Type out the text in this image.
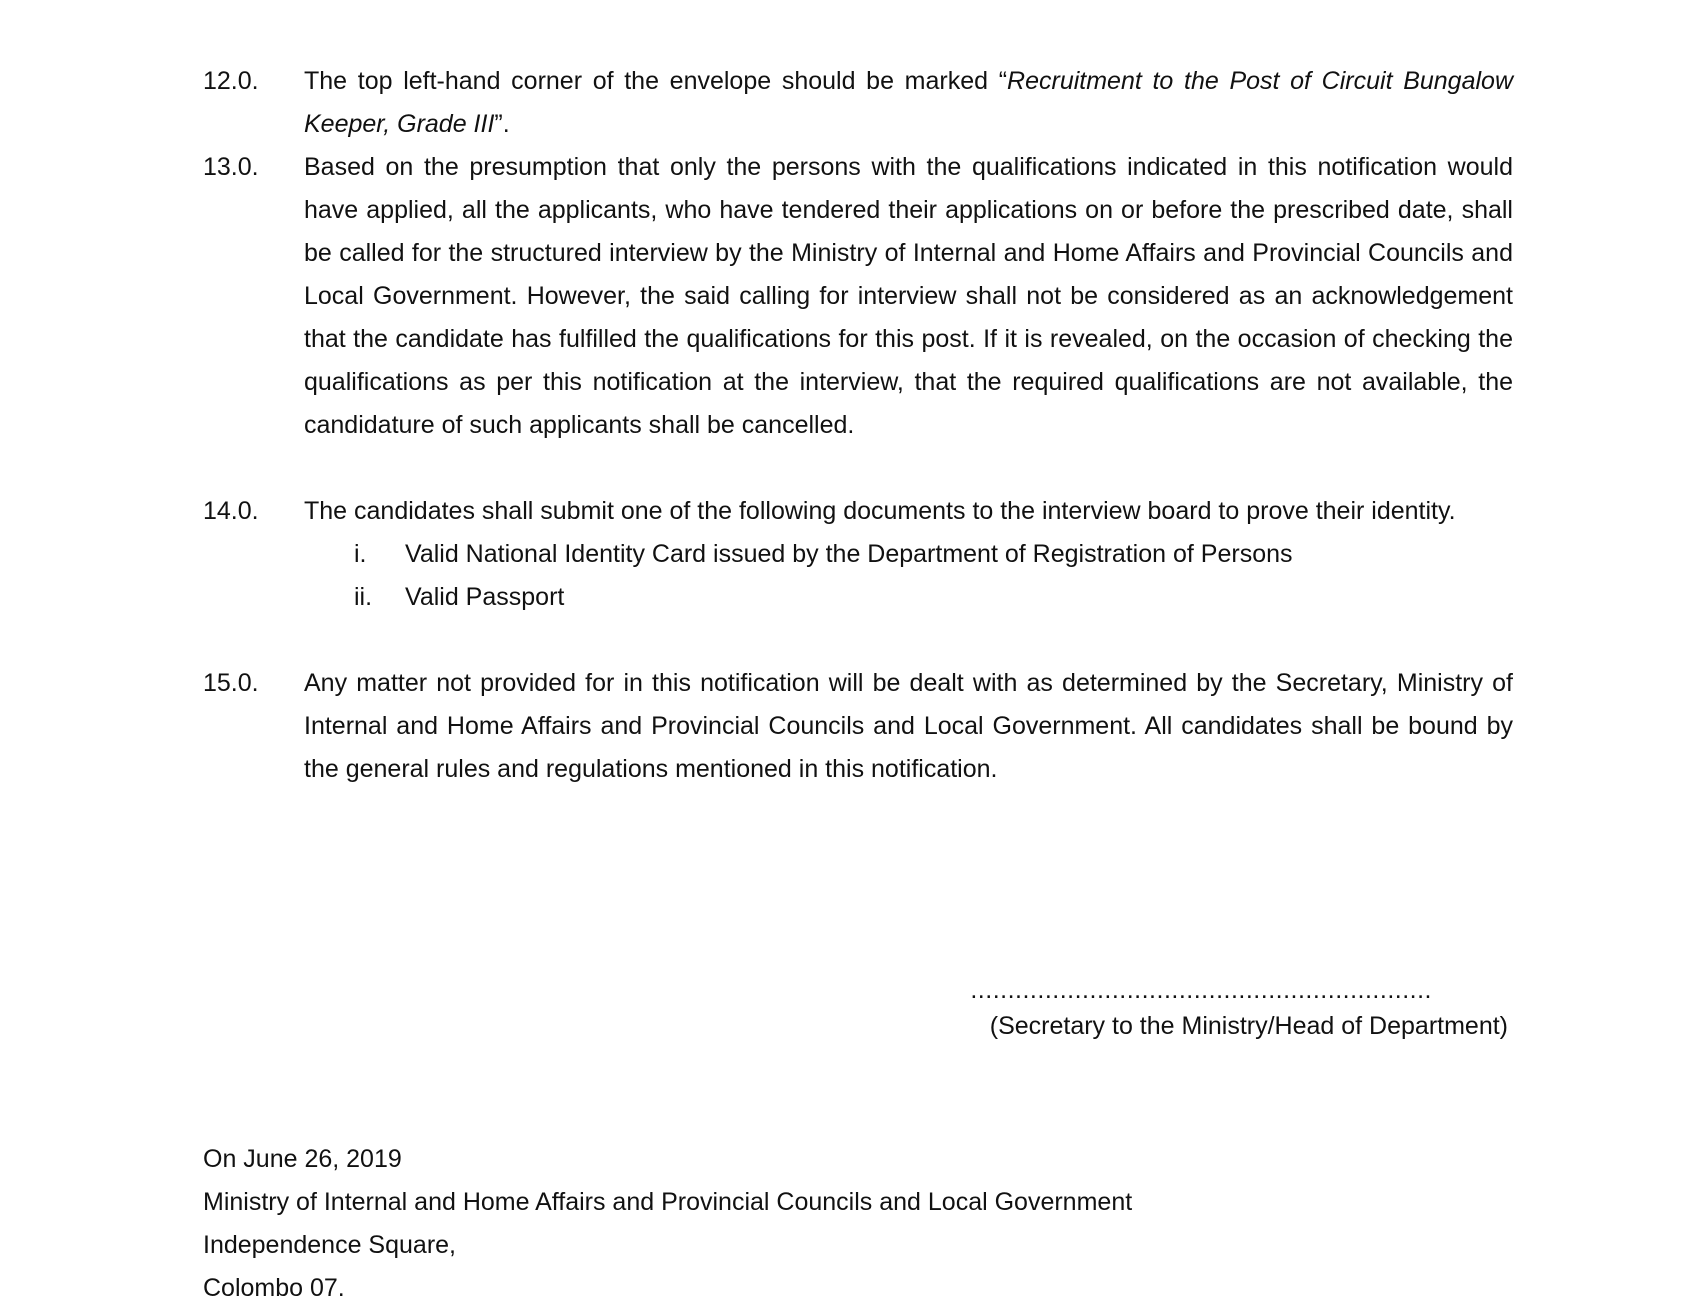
12.0.	The top left-hand corner of the envelope should be marked “Recruitment to the Post of Circuit Bungalow Keeper, Grade III”.
13.0.	Based on the presumption that only the persons with the qualifications indicated in this notification would have applied, all the applicants, who have tendered their applications on or before the prescribed date, shall be called for the structured interview by the Ministry of Internal and Home Affairs and Provincial Councils and Local Government. However, the said calling for interview shall not be considered as an acknowledgement that the candidate has fulfilled the qualifications for this post. If it is revealed, on the occasion of checking the qualifications as per this notification at the interview, that the required qualifications are not available, the candidature of such applicants shall be cancelled.
14.0.	The candidates shall submit one of the following documents to the interview board to prove their identity.
i.	Valid National Identity Card issued by the Department of Registration of Persons
ii.	Valid Passport
15.0.	Any matter not provided for in this notification will be dealt with as determined by the Secretary, Ministry of Internal and Home Affairs and Provincial Councils and Local Government. All candidates shall be bound by the general rules and regulations mentioned in this notification.
..............................................................
(Secretary to the Ministry/Head of Department)
On June 26, 2019
Ministry of Internal and Home Affairs and Provincial Councils and Local Government
Independence Square,
Colombo 07.
